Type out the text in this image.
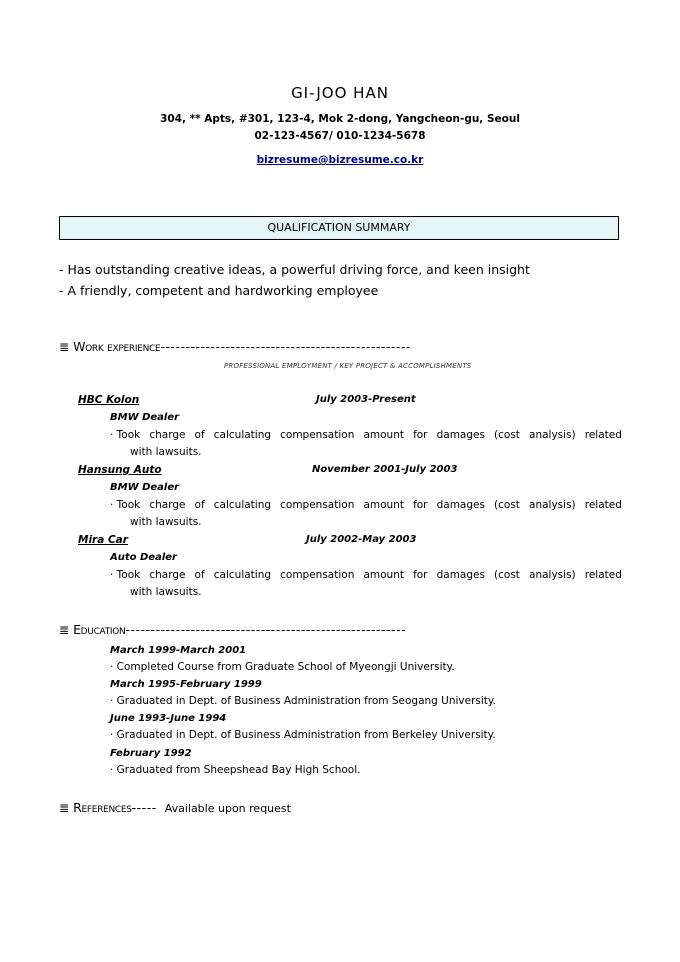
GI-JOO HAN
304, ** Apts, #301, 123-4, Mok 2-dong, Yangcheon-gu, Seoul
02-123-4567/ 010-1234-5678
bizresume@bizresume.co.kr
QUALIFICATION SUMMARY
- Has outstanding creative ideas, a powerful driving force, and keen insight
- A friendly, competent and hardworking employee
≣ Work experience--------------------------------------------------
PROFESSIONAL EMPLOYMENT / KEY PROJECT & ACCOMPLISHMENTS
HBC Kolon	July 2003-Present
BMW Dealer
· Took charge of calculating compensation amount for damages (cost analysis) related
with lawsuits.
Hansung Auto	November 2001-July 2003
BMW Dealer
· Took charge of calculating compensation amount for damages (cost analysis) related
with lawsuits.
Mira Car	July 2002-May 2003
Auto Dealer
· Took charge of calculating compensation amount for damages (cost analysis) related
with lawsuits.
≣ Education--------------------------------------------------------
March 1999-March 2001
· Completed Course from Graduate School of Myeongji University.
March 1995-February 1999
· Graduated in Dept. of Business Administration from Seogang University.
June 1993-June 1994
· Graduated in Dept. of Business Administration from Berkeley University.
February 1992
· Graduated from Sheepshead Bay High School.
≣ References----- Available upon request
